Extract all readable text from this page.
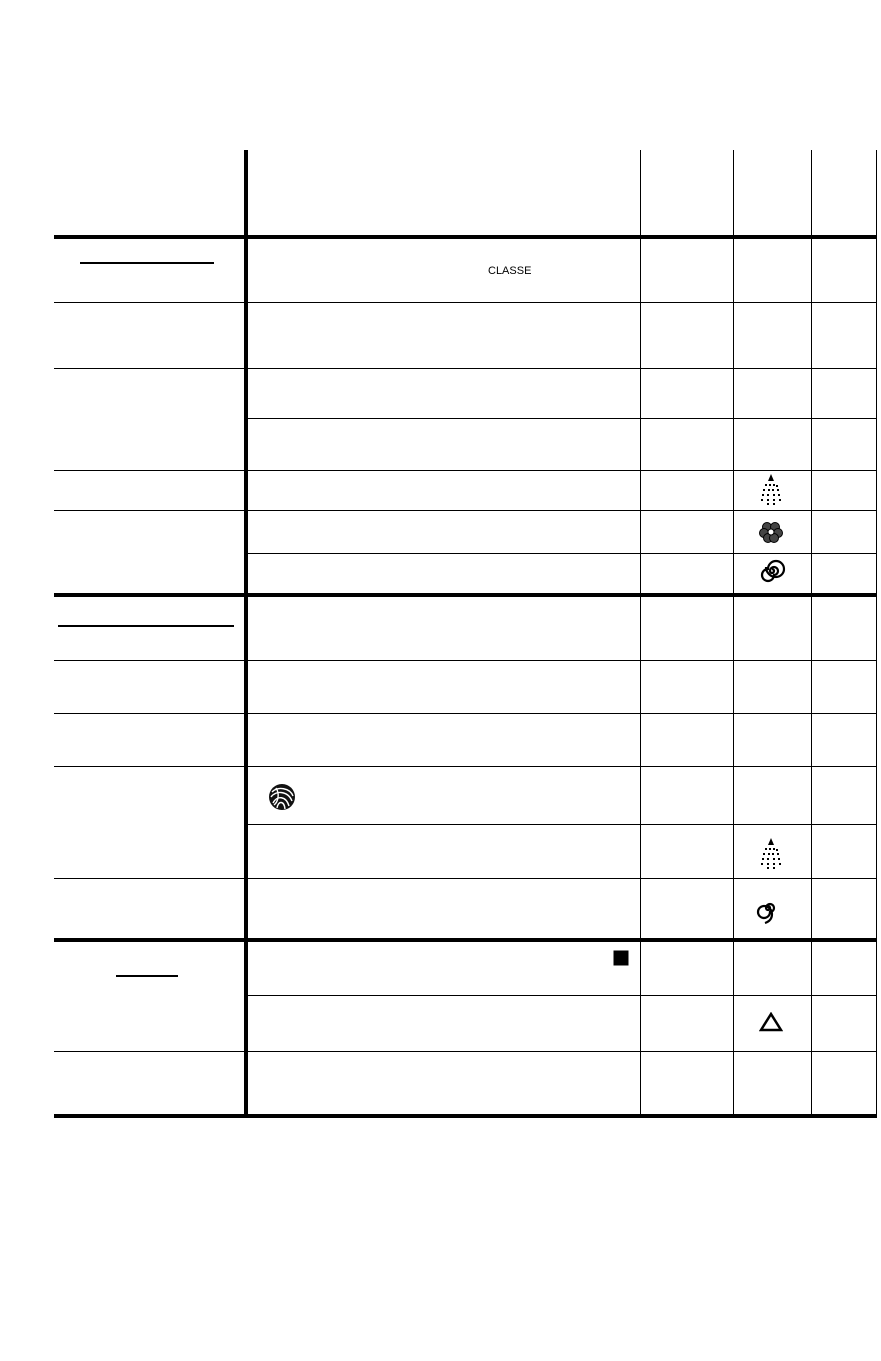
CLASSE
